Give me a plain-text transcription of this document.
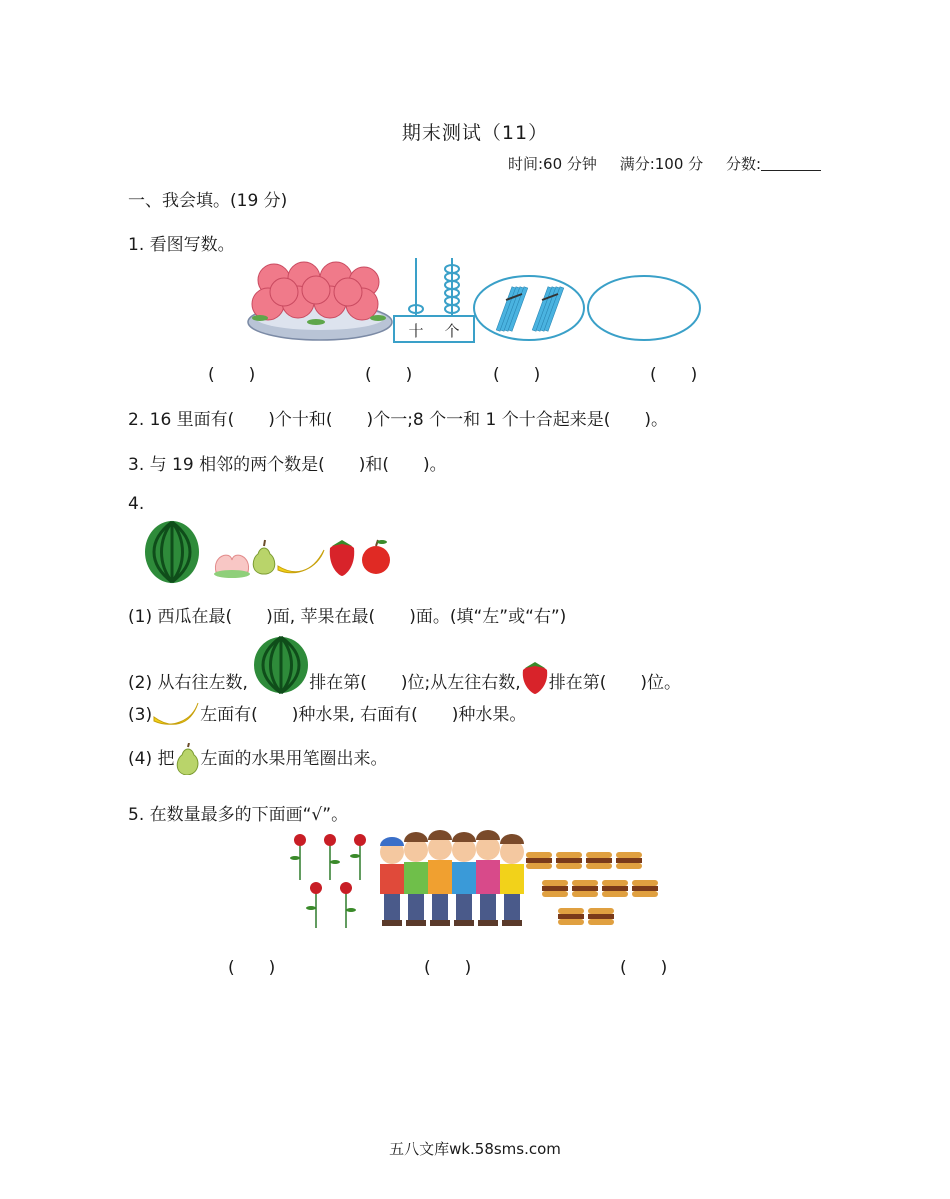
期末测试（11）
时间:60 分钟 满分:100 分 分数:
一、我会填。(19 分)
1. 看图写数。
十 个
(　　)	(　　)	(　　)	(　　)
2. 16 里面有(　　)个十和(　　)个一;8 个一和 1 个十合起来是(　　)。
3. 与 19 相邻的两个数是(　　)和(　　)。
4.
(1) 西瓜在最(　　)面, 苹果在最(　　)面。(填“左”或“右”)
(2) 从右往左数,	排在第(　　)位;从左往右数, 排在第(　　)位。
(3)	左面有(　　)种水果, 右面有(　　)种水果。
(4) 把 左面的水果用笔圈出来。
5. 在数量最多的下面画“√”。
(　　)	(　　)	(　　)
五八文库wk.58sms.com
